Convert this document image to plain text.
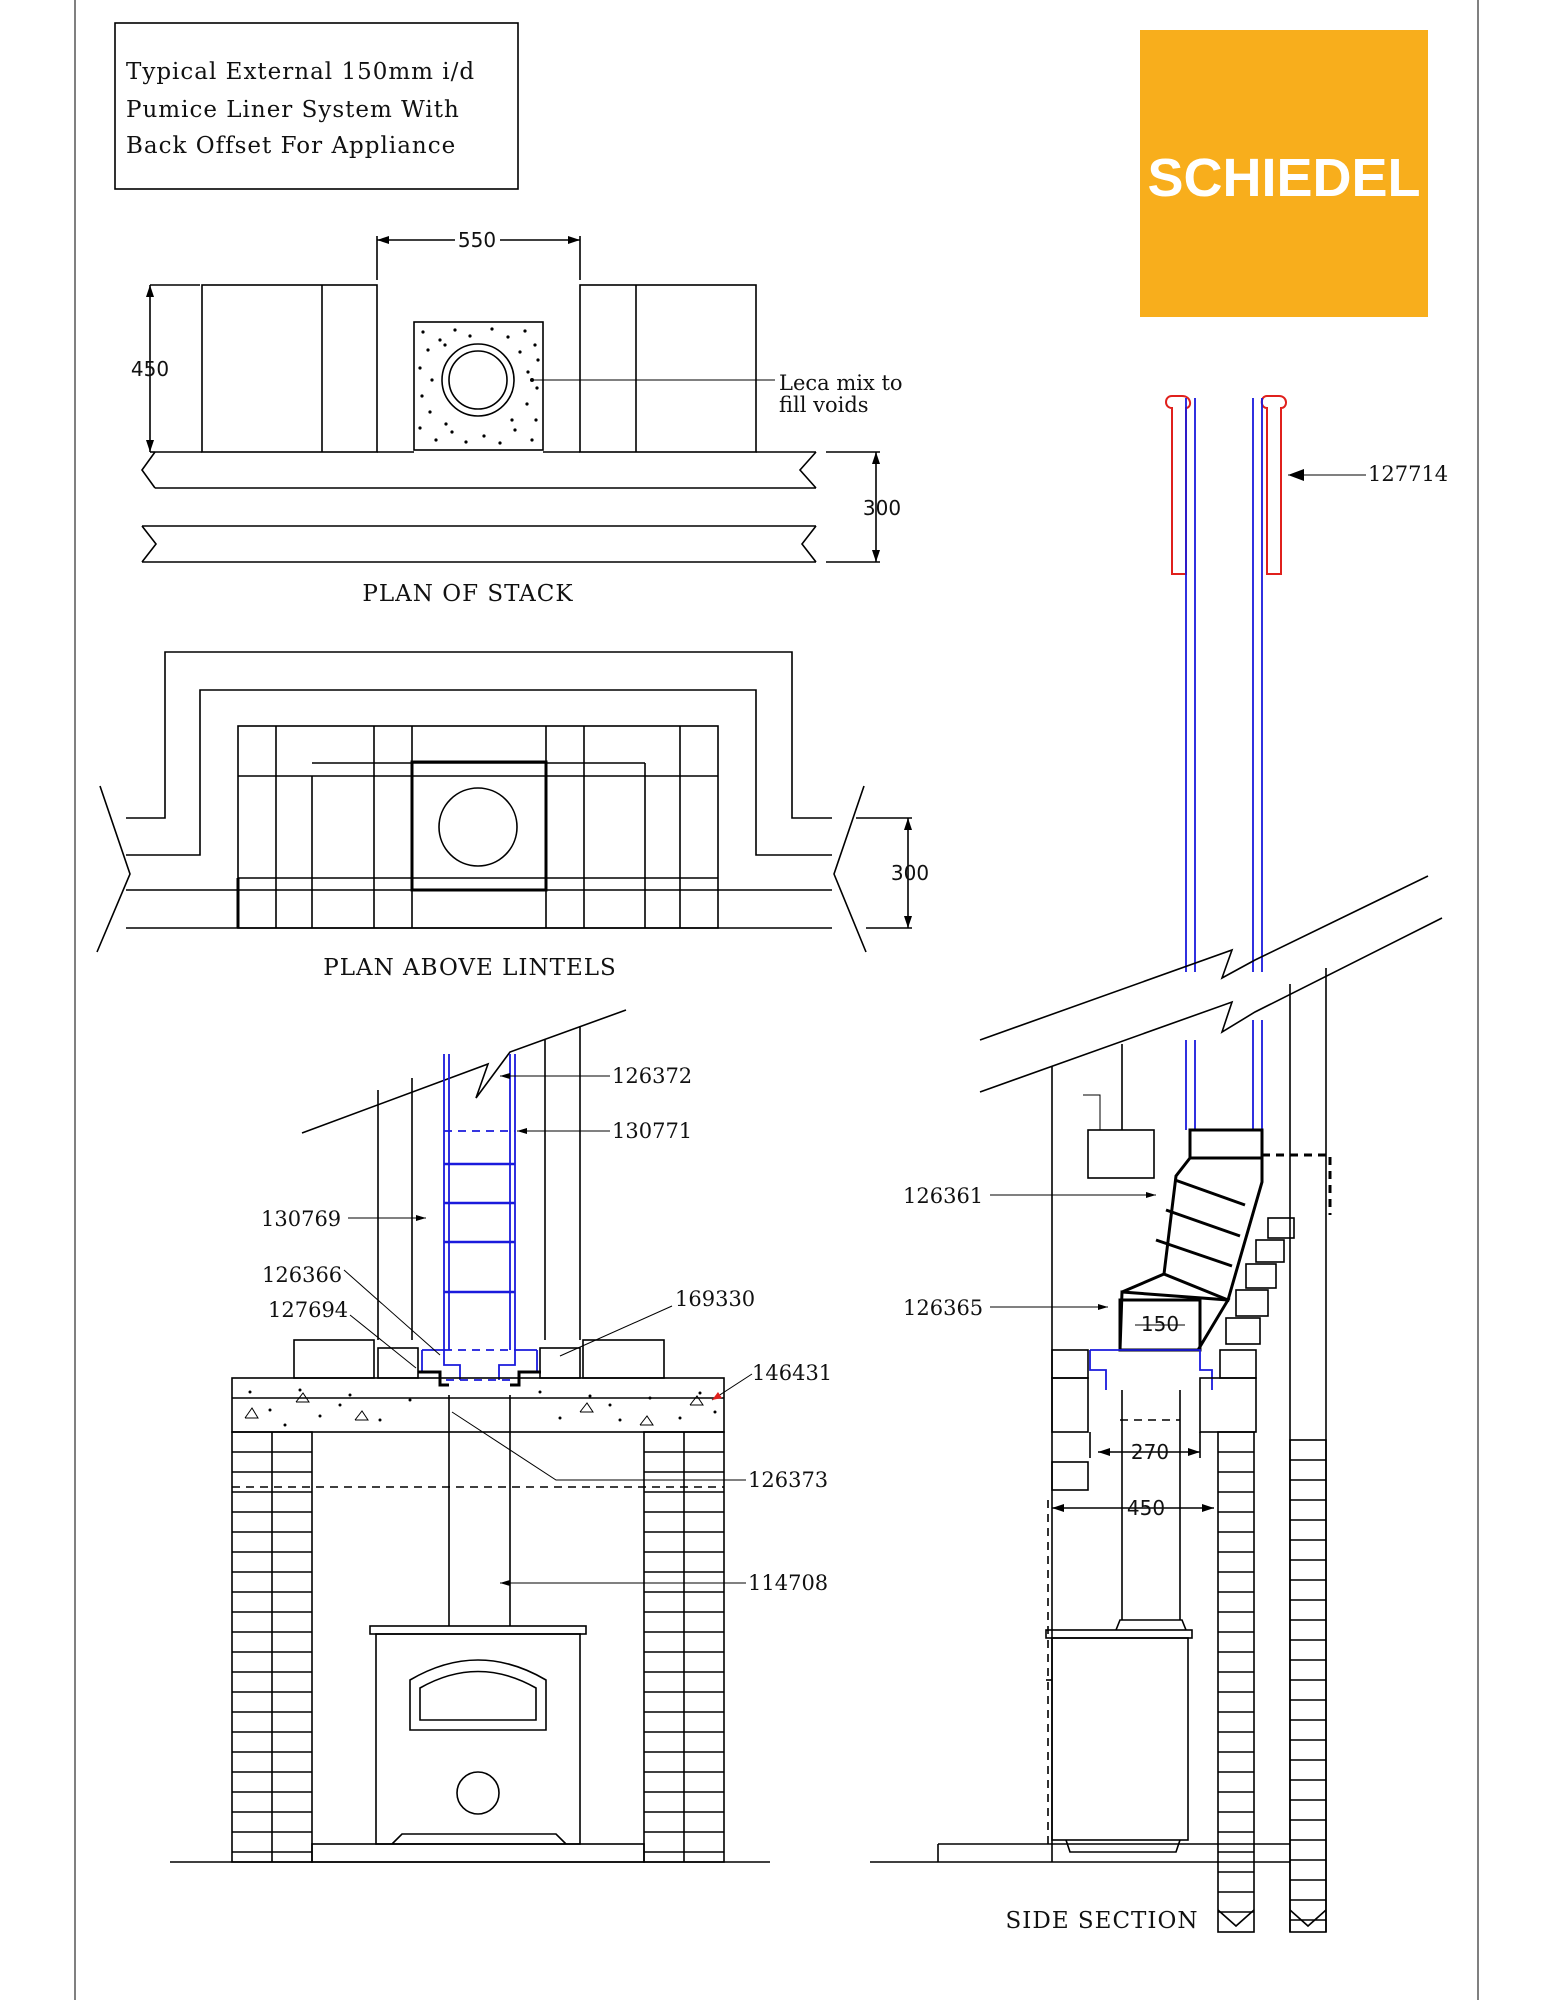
Typical External 150mm i/d
Pumice Liner System With
Back Offset For Appliance
SCHIEDEL
550
300
450
Leca mix to
fill voids
PLAN OF STACK
300
PLAN ABOVE LINTELS
126372
130771
130769
126366
127694	169330
146431
126373
114708
150
270
450
127714
126361
126365
SIDE SECTION
